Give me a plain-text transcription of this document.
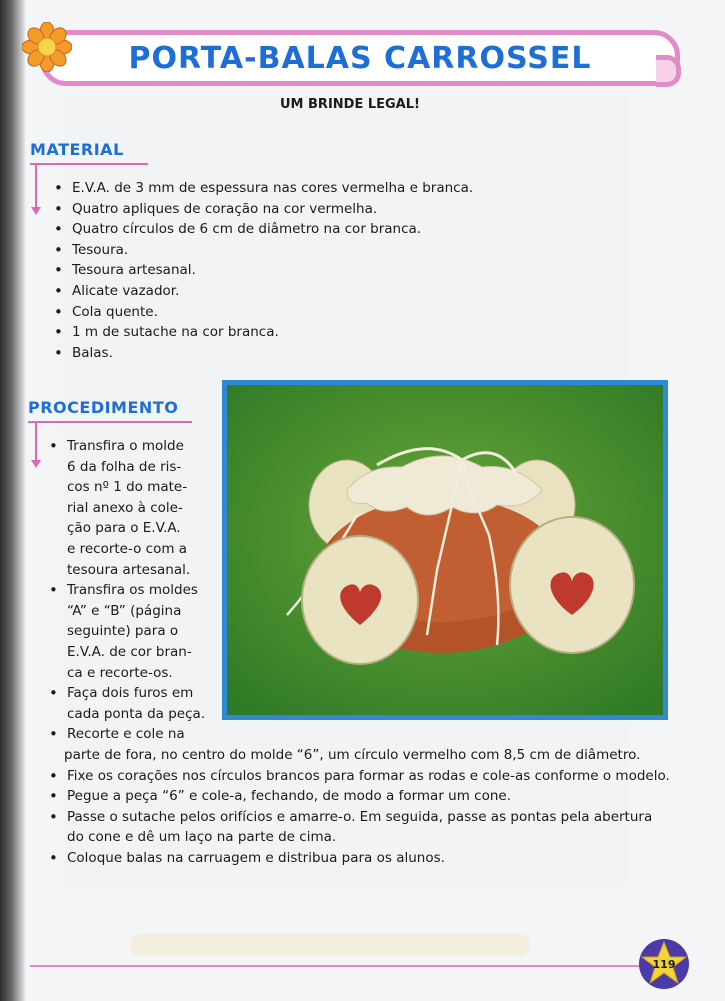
PORTA-BALAS CARROSSEL
UM BRINDE LEGAL!
MATERIAL
• E.V.A. de 3 mm de espessura nas cores vermelha e branca.
• Quatro apliques de coração na cor vermelha.
• Quatro círculos de 6 cm de diâmetro na cor branca.
• Tesoura.
• Tesoura artesanal.
• Alicate vazador.
• Cola quente.
• 1 m de sutache na cor branca.
• Balas.
PROCEDIMENTO
• Transfira o molde
6 da folha de ris-
cos nº 1 do mate-
rial anexo à cole-
ção para o E.V.A.
e recorte-o com a
tesoura artesanal.
• Transfira os moldes
“A” e “B” (página
seguinte) para o
E.V.A. de cor bran-
ca e recorte-os.
• Faça dois furos em
cada ponta da peça.
• Recorte e cole na
parte de fora, no centro do molde “6”, um círculo vermelho com 8,5 cm de diâmetro.
• Fixe os corações nos círculos brancos para formar as rodas e cole-as conforme o modelo.
• Pegue a peça “6” e cole-a, fechando, de modo a formar um cone.
• Passe o sutache pelos orifícios e amarre-o. Em seguida, passe as pontas pela abertura
do cone e dê um laço na parte de cima.
• Coloque balas na carruagem e distribua para os alunos.
119
